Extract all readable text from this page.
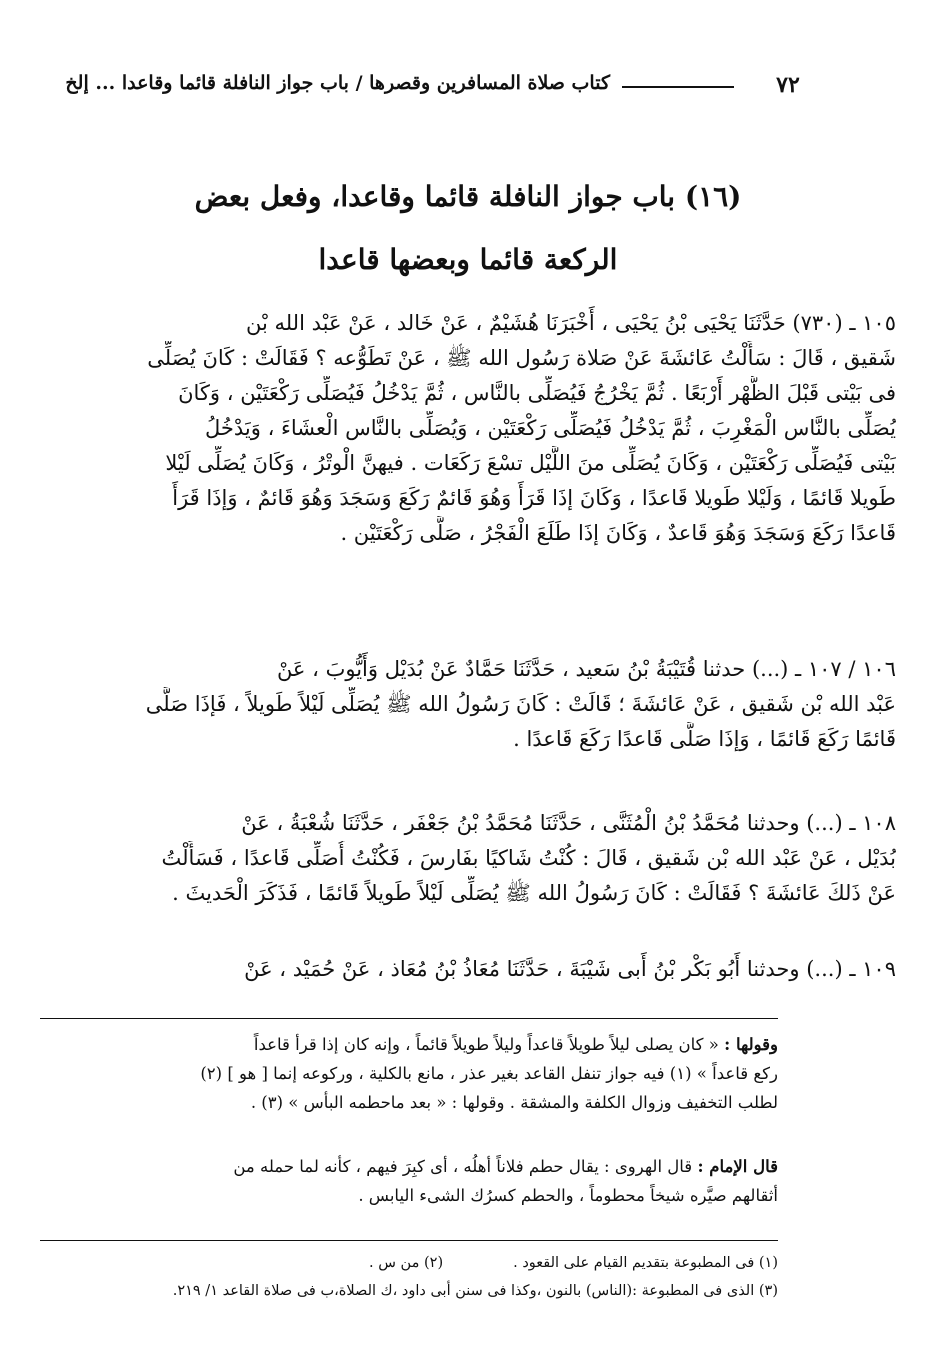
٧٢
كتاب صلاة المسافرين وقصرها / باب جواز النافلة قائما وقاعدا ... إلخ
(١٦) باب جواز النافلة قائما وقاعدا، وفعل بعض
الركعة قائما وبعضها قاعدا
١٠٥ ـ (٧٣٠) حَدَّثَنَا يَحْيَى بْنُ يَحْيَى ، أَخْبَرَنَا هُشَيْمٌ ، عَنْ خَالد ، عَنْ عَبْد الله بْن
شَقيق ، قَالَ : سَأَلْتُ عَائشَةَ عَنْ صَلاة رَسُول الله ﷺ ، عَنْ تَطَوُّعه ؟ فَقَالَتْ : كَانَ يُصَلِّى
فى بَيْتى قَبْلَ الظُّهْر أَرْبَعًا . ثُمَّ يَخْرُجُ فَيُصَلِّى بالنَّاس ، ثُمَّ يَدْخُلُ فَيُصَلِّى رَكْعَتَيْن ، وَكَانَ
يُصَلِّى بالنَّاس الْمَغْرِبَ ، ثُمَّ يَدْخُلُ فَيُصَلِّى رَكْعَتَيْن ، وَيُصَلِّى بالنَّاس الْعشَاءَ ، وَيَدْخُلُ
بَيْتى فَيُصَلِّى رَكْعَتَيْن ، وَكَانَ يُصَلِّى منَ اللَّيْل تسْعَ رَكَعَات . فيهنَّ الْوتْرُ ، وَكَانَ يُصَلِّى لَيْلا
طَويلا قَائمًا ، وَلَيْلا طَويلا قَاعدًا ، وَكَانَ إذَا قَرَأَ وَهُوَ قَائمٌ رَكَعَ وَسَجَدَ وَهُوَ قَائمٌ ، وَإذَا قَرَأَ
قَاعدًا رَكَعَ وَسَجَدَ وَهُوَ قَاعدٌ ، وَكَانَ إذَا طَلَعَ الْفَجْرُ ، صَلَّى رَكْعَتَيْن .
١٠٦ / ١٠٧ ـ (...) حدثنا قُتَيْبَةُ بْنُ سَعيد ، حَدَّثَنَا حَمَّادٌ عَنْ بُدَيْل وَأَيُّوبَ ، عَنْ
عَبْد الله بْن شَقيق ، عَنْ عَائشَةَ ؛ قَالَتْ : كَانَ رَسُولُ الله ﷺ يُصَلِّى لَيْلاً طَويلاً ، فَإذَا صَلَّى
قَائمًا رَكَعَ قَائمًا ، وَإذَا صَلَّى قَاعدًا رَكَعَ قَاعدًا .
١٠٨ ـ (...) وحدثنا مُحَمَّدُ بْنُ الْمُثَنَّى ، حَدَّثَنَا مُحَمَّدُ بْنُ جَعْفَر ، حَدَّثَنَا شُعْبَةُ ، عَنْ
بُدَيْل ، عَنْ عَبْد الله بْن شَقيق ، قَالَ : كُنْتُ شَاكيًا بفَارسَ ، فَكُنْتُ أُصَلِّى قَاعدًا ، فَسَأَلْتُ
عَنْ ذَلكَ عَائشَةَ ؟ فَقَالَتْ : كَانَ رَسُولُ الله ﷺ يُصَلِّى لَيْلاً طَويلاً قَائمًا ، فَذَكَرَ الْحَديثَ .
١٠٩ ـ (...) وحدثنا أَبُو بَكْر بْنُ أَبى شَيْبَةَ ، حَدَّثَنَا مُعَاذُ بْنُ مُعَاذ ، عَنْ حُمَيْد ، عَنْ
وقولها : « كان يصلى ليلاً طويلاً قاعداً وليلاً طويلاً قائماً ، وإنه كان إذا قرأ قاعداً
ركع قاعداً » (١) فيه جواز تنفل القاعد بغير عذر ، مانع بالكلية ، وركوعه إنما [ هو ] (٢)
لطلب التخفيف وزوال الكلفة والمشقة . وقولها : « بعد ماحطمه البأس » (٣) .
قال الإمام : قال الهروى : يقال حطم فلاناً أهلُه ، أى كبِرَ فيهم ، كأنه لما حمله من
أثقالهم صيَّره شيخاً محطوماً ، والحطم كسرُك الشىء اليابس .
(١) فى المطبوعة بتقديم القيام على القعود .(٢) من س .
(٣) الذى فى المطبوعة :(الناس) بالنون ،وكذا فى سنن أبى داود ،ك الصلاة،ب فى صلاة القاعد ١/ ٢١٩.
